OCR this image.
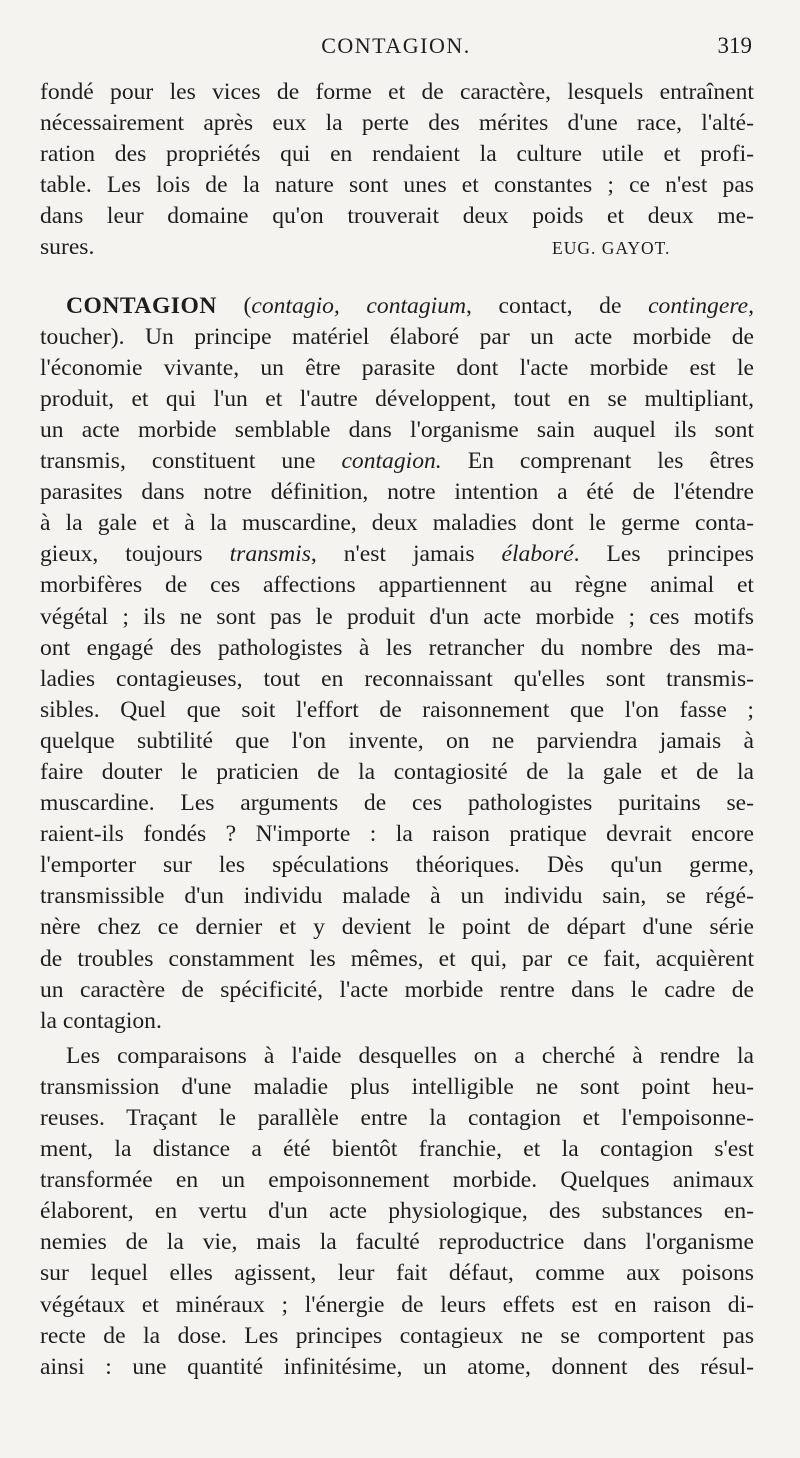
CONTAGION.	319
fondé pour les vices de forme et de caractère, lesquels entraînent
nécessairement après eux la perte des mérites d'une race, l'alté-
ration des propriétés qui en rendaient la culture utile et profi-
table. Les lois de la nature sont unes et constantes ; ce n'est pas
dans leur domaine qu'on trouverait deux poids et deux me-
sures.	EUG. GAYOT.
CONTAGION (contagio, contagium, contact, de contingere,
toucher). Un principe matériel élaboré par un acte morbide de
l'économie vivante, un être parasite dont l'acte morbide est le
produit, et qui l'un et l'autre développent, tout en se multipliant,
un acte morbide semblable dans l'organisme sain auquel ils sont
transmis, constituent une contagion. En comprenant les êtres
parasites dans notre définition, notre intention a été de l'étendre
à la gale et à la muscardine, deux maladies dont le germe conta-
gieux, toujours transmis, n'est jamais élaboré. Les principes
morbifères de ces affections appartiennent au règne animal et
végétal ; ils ne sont pas le produit d'un acte morbide ; ces motifs
ont engagé des pathologistes à les retrancher du nombre des ma-
ladies contagieuses, tout en reconnaissant qu'elles sont transmis-
sibles. Quel que soit l'effort de raisonnement que l'on fasse ;
quelque subtilité que l'on invente, on ne parviendra jamais à
faire douter le praticien de la contagiosité de la gale et de la
muscardine. Les arguments de ces pathologistes puritains se-
raient-ils fondés ? N'importe : la raison pratique devrait encore
l'emporter sur les spéculations théoriques. Dès qu'un germe,
transmissible d'un individu malade à un individu sain, se régé-
nère chez ce dernier et y devient le point de départ d'une série
de troubles constamment les mêmes, et qui, par ce fait, acquièrent
un caractère de spécificité, l'acte morbide rentre dans le cadre de
la contagion.
Les comparaisons à l'aide desquelles on a cherché à rendre la
transmission d'une maladie plus intelligible ne sont point heu-
reuses. Traçant le parallèle entre la contagion et l'empoisonne-
ment, la distance a été bientôt franchie, et la contagion s'est
transformée en un empoisonnement morbide. Quelques animaux
élaborent, en vertu d'un acte physiologique, des substances en-
nemies de la vie, mais la faculté reproductrice dans l'organisme
sur lequel elles agissent, leur fait défaut, comme aux poisons
végétaux et minéraux ; l'énergie de leurs effets est en raison di-
recte de la dose. Les principes contagieux ne se comportent pas
ainsi : une quantité infinitésime, un atome, donnent des résul-
